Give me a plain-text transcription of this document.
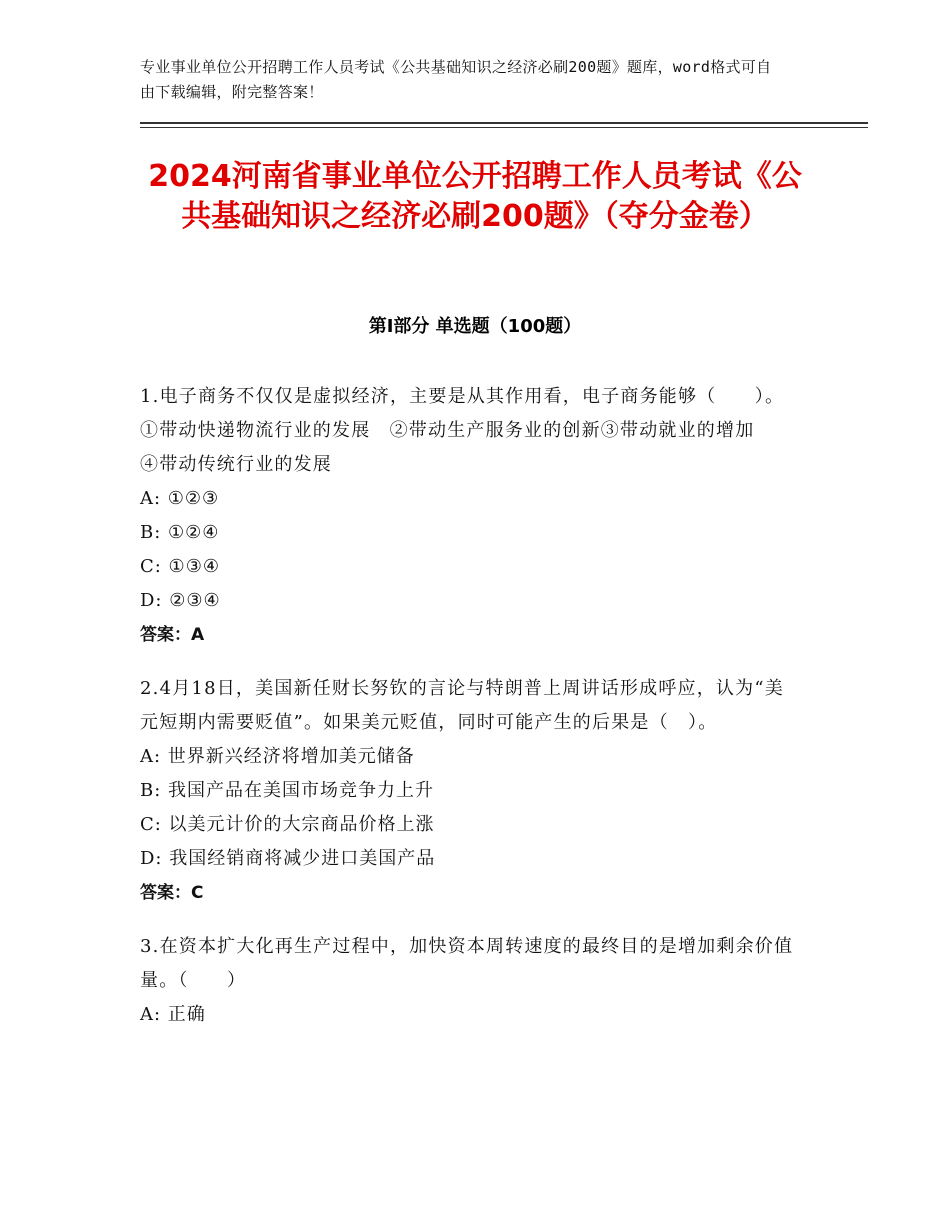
专业事业单位公开招聘工作人员考试《公共基础知识之经济必刷200题》题库，word格式可自由下载编辑，附完整答案！
2024河南省事业单位公开招聘工作人员考试《公共基础知识之经济必刷200题》（夺分金卷）
第Ⅰ部分 单选题（100题）

1.电子商务不仅仅是虚拟经济，主要是从其作用看，电子商务能够（　　）。①带动快递物流行业的发展　②带动生产服务业的创新③带动就业的增加　　　　④带动传统行业的发展

A: ①②③

B: ①②④

C: ①③④

D: ②③④

答案：A

2.4月18日，美国新任财长努钦的言论与特朗普上周讲话形成呼应，认为“美元短期内需要贬值”。如果美元贬值，同时可能产生的后果是（　）。

A: 世界新兴经济将增加美元储备

B: 我国产品在美国市场竞争力上升

C: 以美元计价的大宗商品价格上涨

D: 我国经销商将减少进口美国产品

答案：C

3.在资本扩大化再生产过程中，加快资本周转速度的最终目的是增加剩余价值量。（　　）

A: 正确
